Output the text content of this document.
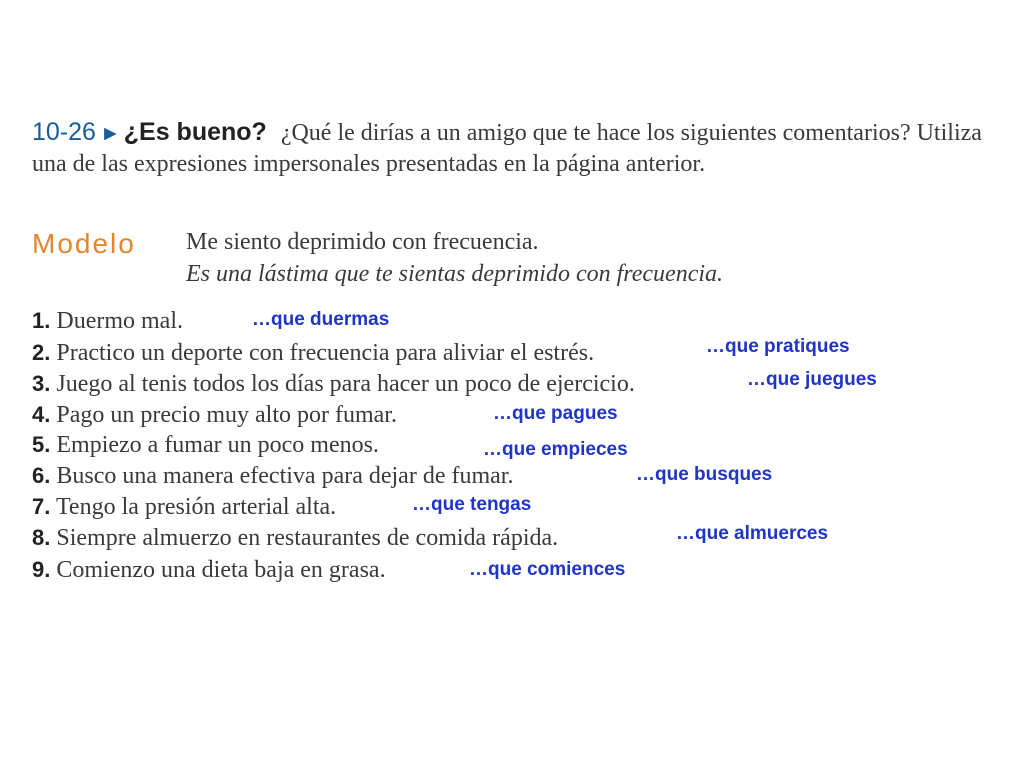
10-26 ► ¿Es bueno? ¿Qué le dirías a un amigo que te hace los siguientes comentarios? Utiliza una de las expresiones impersonales presentadas en la página anterior.

Modelo Me siento deprimido con frecuencia.
Es una lástima que te sientas deprimido con frecuencia.
1. Duermo mal.
2. Practico un deporte con frecuencia para aliviar el estrés.
3. Juego al tenis todos los días para hacer un poco de ejercicio.
4. Pago un precio muy alto por fumar.
5. Empiezo a fumar un poco menos.
6. Busco una manera efectiva para dejar de fumar.
7. Tengo la presión arterial alta.
8. Siempre almuerzo en restaurantes de comida rápida.
9. Comienzo una dieta baja en grasa.
…que duermas
…que pratiques
…que juegues
…que pagues
…que empieces
…que busques
…que tengas
…que almuerces
…que comiences
